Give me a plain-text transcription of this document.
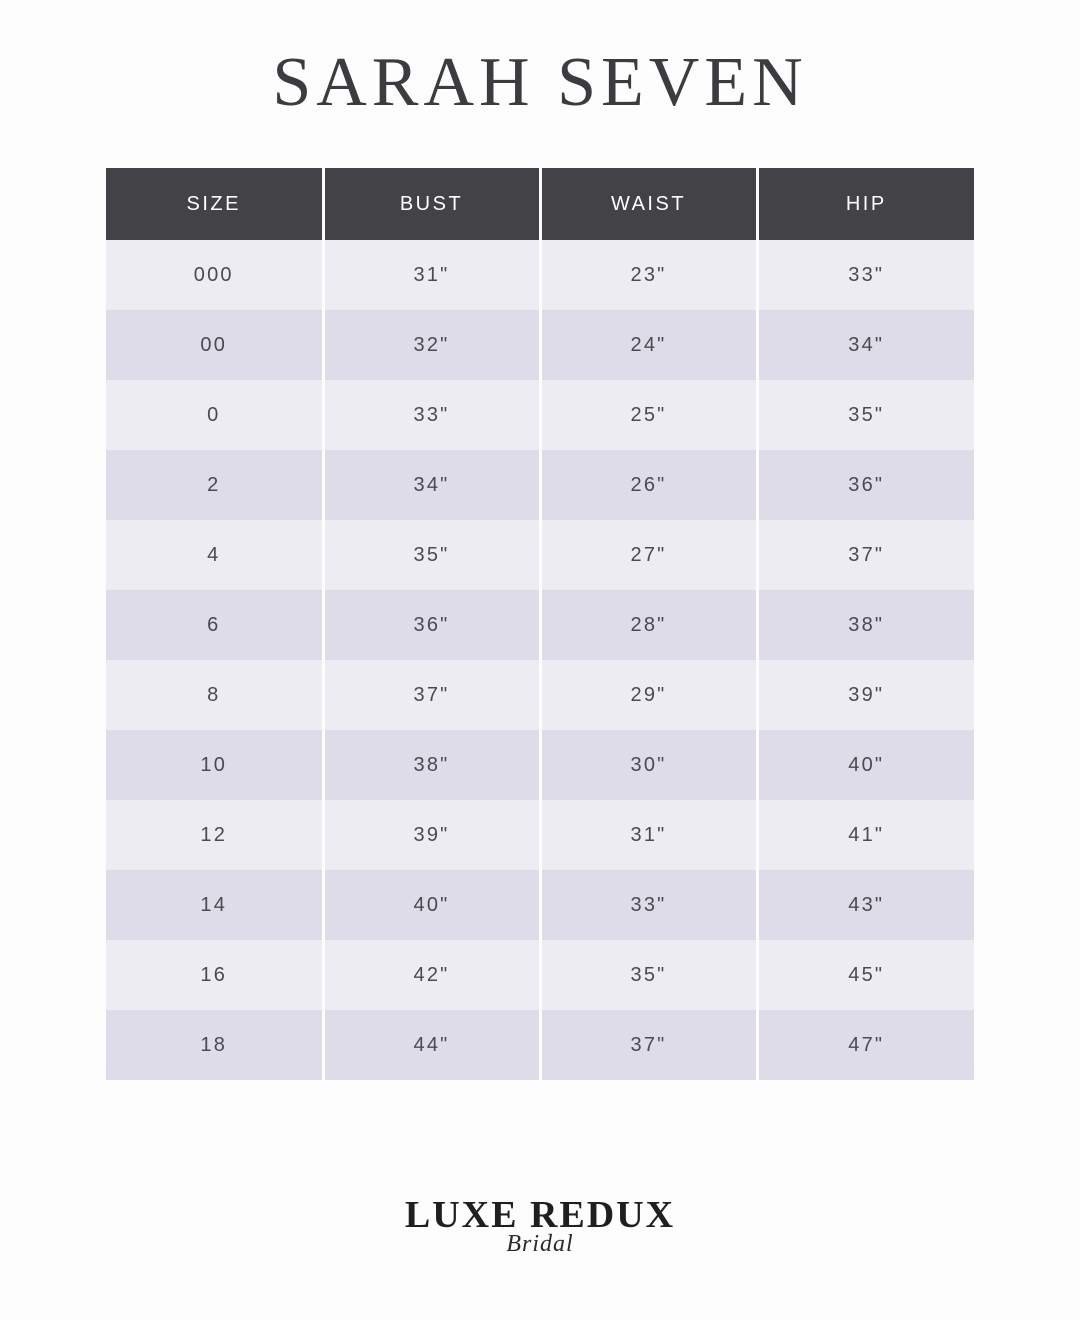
SARAH SEVEN
SIZE	BUST	WAIST	HIP
000	31"	23"	33"
00	32"	24"	34"
0	33"	25"	35"
2	34"	26"	36"
4	35"	27"	37"
6	36"	28"	38"
8	37"	29"	39"
10	38"	30"	40"
12	39"	31"	41"
14	40"	33"	43"
16	42"	35"	45"
18	44"	37"	47"
LUXE REDUX
Bridal
